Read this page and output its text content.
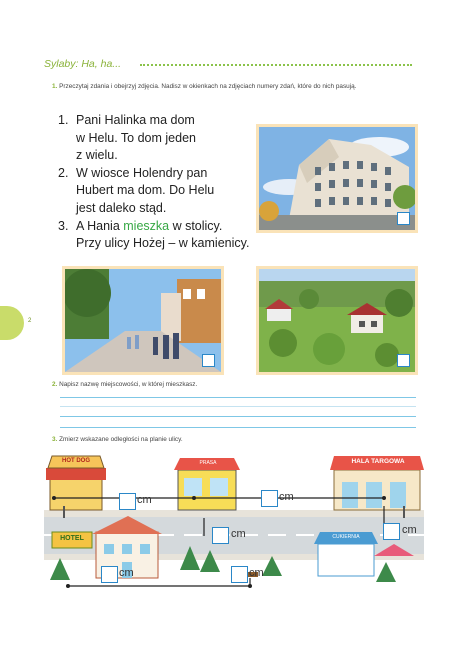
Sylaby: Ha, ha...
2
1. Przeczytaj zdania i obejrzyj zdjęcia. Nadisz w okienkach na zdjęciach numery zdań, które do nich pasują.
1. Pani Halinka ma dom
w Helu. To dom jeden
z wielu.
2. W wiosce Holendry pan
Hubert ma dom. Do Helu
jest daleko stąd.
3. A Hania mieszka w stolicy.
Przy ulicy Hożej – w kamienicy.
2. Napisz nazwę miejscowości, w której mieszkasz.
3. Zmierz wskazane odległości na planie ulicy.
HOT DOG	PRASA	HALA TARGOWA
HOTEL	CUKIERNIA
cm	cm
cm	cm
cm	cm
